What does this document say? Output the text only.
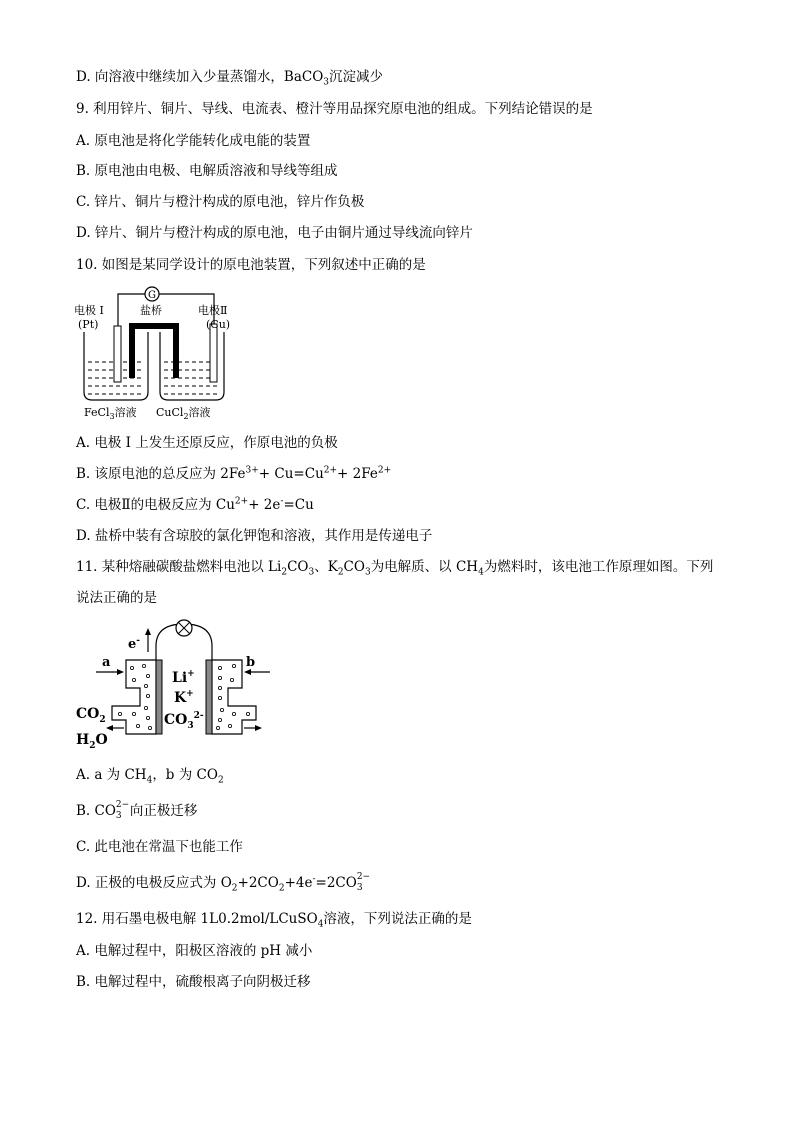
D. 向溶液中继续加入少量蒸馏水，BaCO$_3$沉淀减少
9. 利用锌片、铜片、导线、电流表、橙汁等用品探究原电池的组成。下列结论错误的是
A. 原电池是将化学能转化成电能的装置
B. 原电池由电极、电解质溶液和导线等组成
C. 锌片、铜片与橙汁构成的原电池，锌片作负极
D. 锌片、铜片与橙汁构成的原电池，电子由铜片通过导线流向锌片
10. 如图是某同学设计的原电池装置，下列叙述中正确的是
G
电极 I
(Pt)
盐桥	电极Ⅱ
(Cu)
FeCl$_3$溶液 CuCl$_2$溶液
A. 电极 I 上发生还原反应，作原电池的负极
B. 该原电池的总反应为 $2Fe^{3+}+ Cu=Cu^{2+}+ 2Fe^{2+}$
C. 电极Ⅱ的电极反应为 $Cu^{2+}+ 2e^-=Cu$
D. 盐桥中装有含琼胶的氯化钾饱和溶液，其作用是传递电子
11. 某种熔融碳酸盐燃料电池以 $Li_2CO_3$、$K_2CO_3$为电解质、以 $CH_4$为燃料时，该电池工作原理如图。下列
说法正确的是
e-
Li+
K+
$CO_3^{2-}$
a	b
$CO_2$
$H_2O$
A. a 为 $CH_4$，b 为 $CO_2$
B. CO 2−
3 向正极迁移
C. 此电池在常温下也能工作
D. 正极的电极反应式为 $O_2+2CO_2+4e^-=2CO$ 2−
3
12. 用石墨电极电解 1L0.2mol/LCuSO$_4$溶液，下列说法正确的是
A. 电解过程中，阳极区溶液的 pH 减小
B. 电解过程中，硫酸根离子向阴极迁移
